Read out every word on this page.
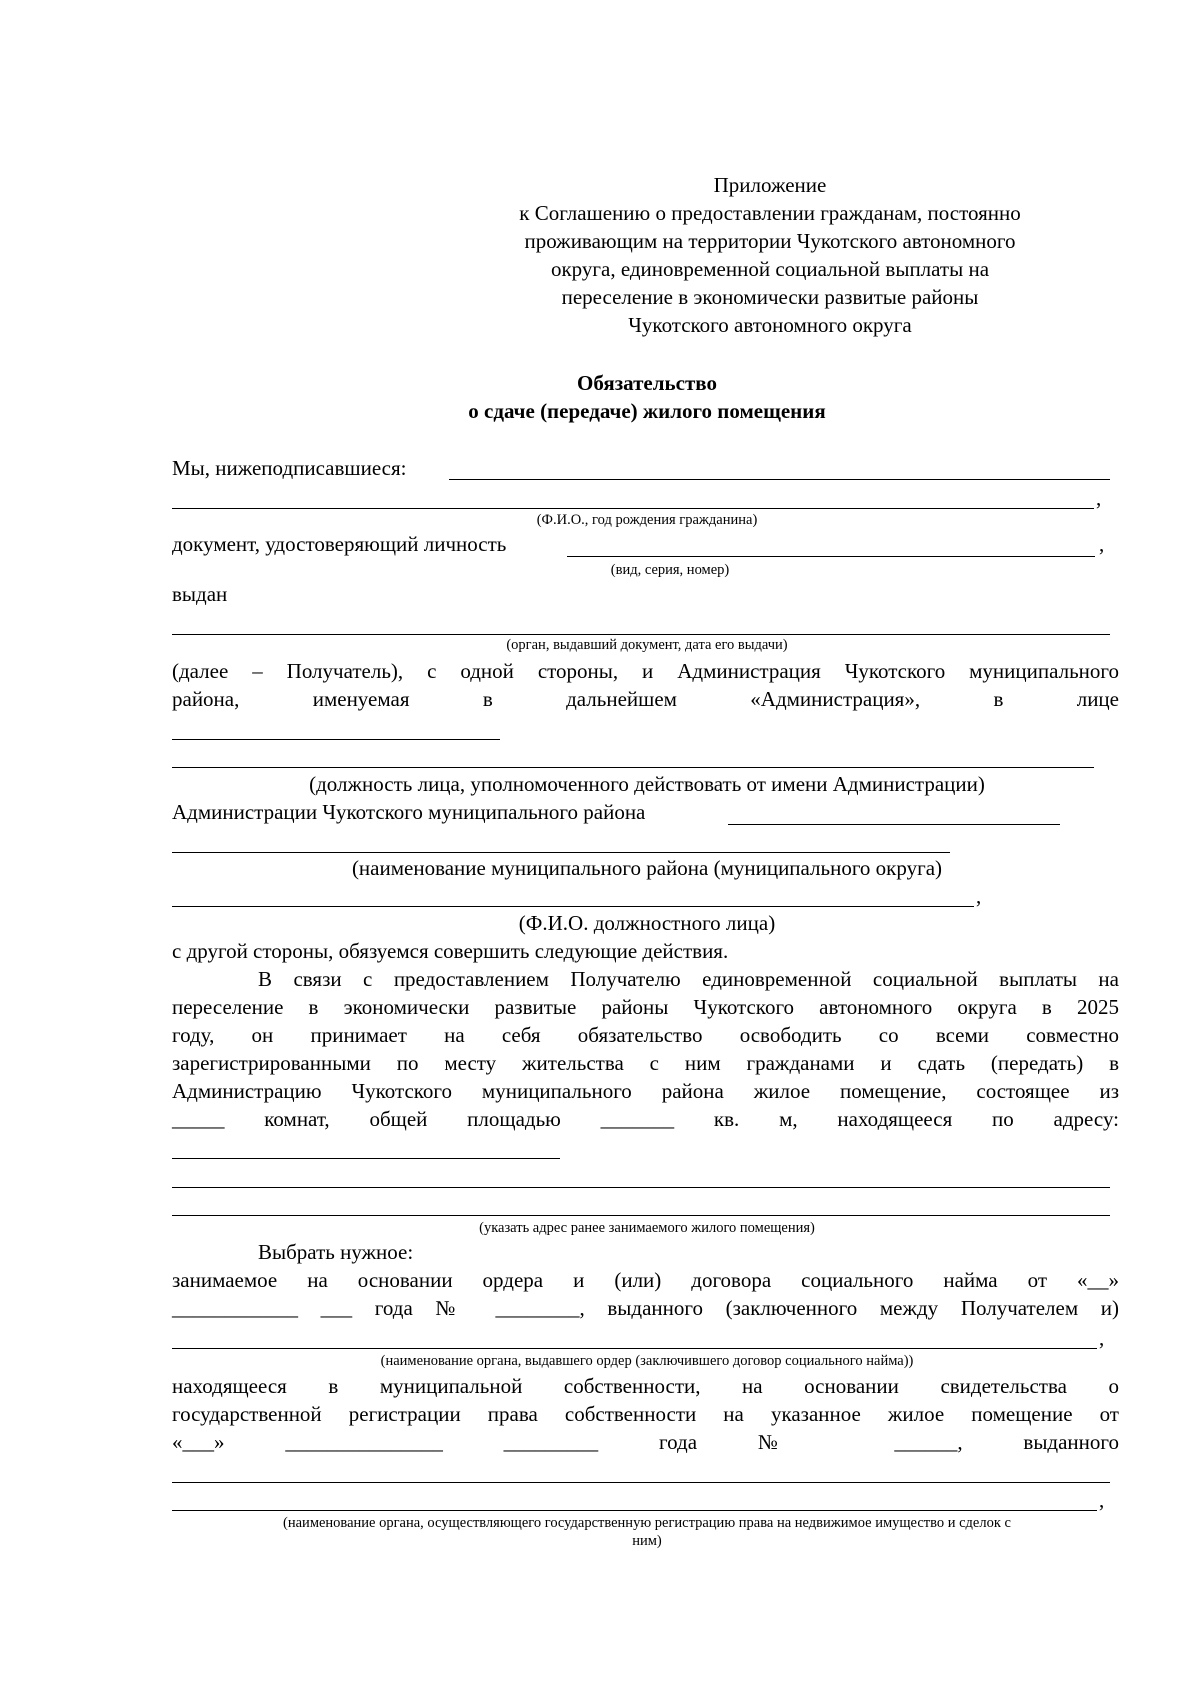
Приложение
к Соглашению о предоставлении гражданам, постоянно
проживающим на территории Чукотского автономного
округа, единовременной социальной выплаты на
переселение в экономически развитые районы
Чукотского автономного округа
Обязательство
о сдаче (передаче) жилого помещения
Мы, нижеподписавшиеся:
,
(Ф.И.О., год рождения гражданина)
документ, удостоверяющий личность	,
(вид, серия, номер)
выдан
(орган, выдавший документ, дата его выдачи)
(далее – Получатель), с одной стороны, и Администрация Чукотского муниципального
района, именуемая в дальнейшем «Администрация», в лице
(должность лица, уполномоченного действовать от имени Администрации)
Администрации Чукотского муниципального района
(наименование муниципального района (муниципального округа)
,
(Ф.И.О. должностного лица)
с другой стороны, обязуемся совершить следующие действия.
В связи с предоставлением Получателю единовременной социальной выплаты на
переселение в экономически развитые районы Чукотского автономного округа в 2025
году, он принимает на себя обязательство освободить со всеми совместно
зарегистрированными по месту жительства с ним гражданами и сдать (передать) в
Администрацию Чукотского муниципального района жилое помещение, состоящее из
_____ комнат, общей площадью _______ кв. м, находящееся по адресу:
(указать адрес ранее занимаемого жилого помещения)
Выбрать нужное:
занимаемое на основании ордера и (или) договора социального найма от «__»
____________ ___ года № ________, выданного (заключенного между Получателем и)
,
(наименование органа, выдавшего ордер (заключившего договор социального найма))
находящееся в муниципальной собственности, на основании свидетельства о
государственной регистрации права собственности на указанное жилое помещение от
«___» _______________ _________ года № ______, выданного
,
(наименование органа, осуществляющего государственную регистрацию права на недвижимое имущество и сделок с
ним)
